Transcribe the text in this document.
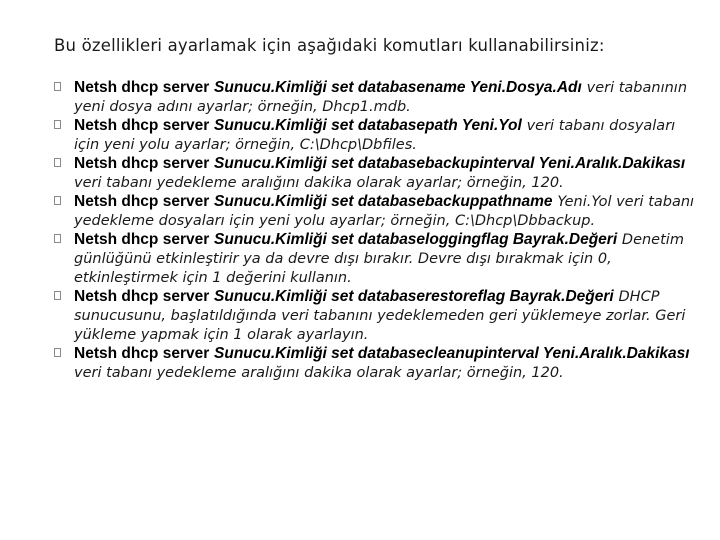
Bu özellikleri ayarlamak için aşağıdaki komutları kullanabilirsiniz:

Netsh dhcp server Sunucu.Kimliği set databasename Yeni.Dosya.Adı veri tabanının yeni dosya adını ayarlar; örneğin, Dhcp1.mdb.
Netsh dhcp server Sunucu.Kimliği set databasepath Yeni.Yol veri tabanı dosyaları için yeni yolu ayarlar; örneğin, C:\Dhcp\Dbfiles.
Netsh dhcp server Sunucu.Kimliği set databasebackupinterval Yeni.Aralık.Dakikası veri tabanı yedekleme aralığını dakika olarak ayarlar; örneğin, 120.
Netsh dhcp server Sunucu.Kimliği set databasebackuppathname Yeni.Yol veri tabanı yedekleme dosyaları için yeni yolu ayarlar; örneğin, C:\Dhcp\Dbbackup.
Netsh dhcp server Sunucu.Kimliği set databaseloggingflag Bayrak.Değeri Denetim günlüğünü etkinleştirir ya da devre dışı bırakır. Devre dışı bırakmak için 0, etkinleştirmek için 1 değerini kullanın.
Netsh dhcp server Sunucu.Kimliği set databaserestoreflag Bayrak.Değeri DHCP sunucusunu, başlatıldığında veri tabanını yedeklemeden geri yüklemeye zorlar. Geri yükleme yapmak için 1 olarak ayarlayın.
Netsh dhcp server Sunucu.Kimliği set databasecleanupinterval Yeni.Aralık.Dakikası veri tabanı yedekleme aralığını dakika olarak ayarlar; örneğin, 120.
